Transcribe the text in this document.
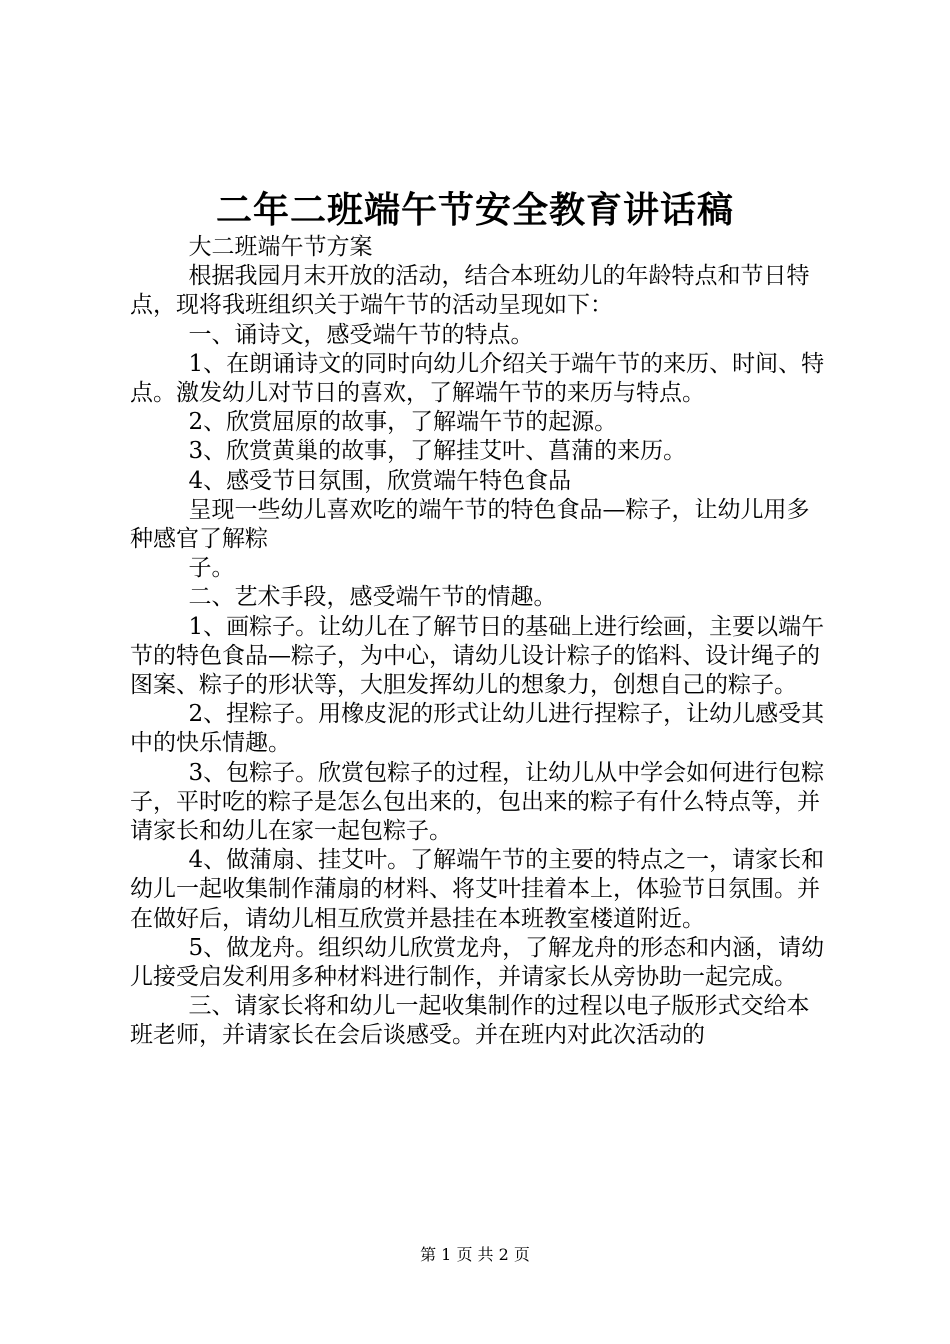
二年二班端午节安全教育讲话稿

大二班端午节方案

根据我园月末开放的活动，结合本班幼儿的年龄特点和节日特点，现将我班组织关于端午节的活动呈现如下：

一、诵诗文，感受端午节的特点。

1、在朗诵诗文的同时向幼儿介绍关于端午节的来历、时间、特点。激发幼儿对节日的喜欢，了解端午节的来历与特点。

2、欣赏屈原的故事，了解端午节的起源。

3、欣赏黄巢的故事，了解挂艾叶、菖蒲的来历。

4、感受节日氛围，欣赏端午特色食品

呈现一些幼儿喜欢吃的端午节的特色食品—粽子，让幼儿用多种感官了解粽

子。

二、艺术手段，感受端午节的情趣。

1、画粽子。让幼儿在了解节日的基础上进行绘画，主要以端午节的特色食品—粽子，为中心，请幼儿设计粽子的馅料、设计绳子的图案、粽子的形状等，大胆发挥幼儿的想象力，创想自己的粽子。

2、捏粽子。用橡皮泥的形式让幼儿进行捏粽子，让幼儿感受其中的快乐情趣。

3、包粽子。欣赏包粽子的过程，让幼儿从中学会如何进行包粽子，平时吃的粽子是怎么包出来的，包出来的粽子有什么特点等，并请家长和幼儿在家一起包粽子。

4、做蒲扇、挂艾叶。了解端午节的主要的特点之一，请家长和幼儿一起收集制作蒲扇的材料、将艾叶挂着本上，体验节日氛围。并在做好后，请幼儿相互欣赏并悬挂在本班教室楼道附近。

5、做龙舟。组织幼儿欣赏龙舟，了解龙舟的形态和内涵，请幼儿接受启发利用多种材料进行制作，并请家长从旁协助一起完成。

三、请家长将和幼儿一起收集制作的过程以电子版形式交给本班老师，并请家长在会后谈感受。并在班内对此次活动的

第 1 页 共 2 页
